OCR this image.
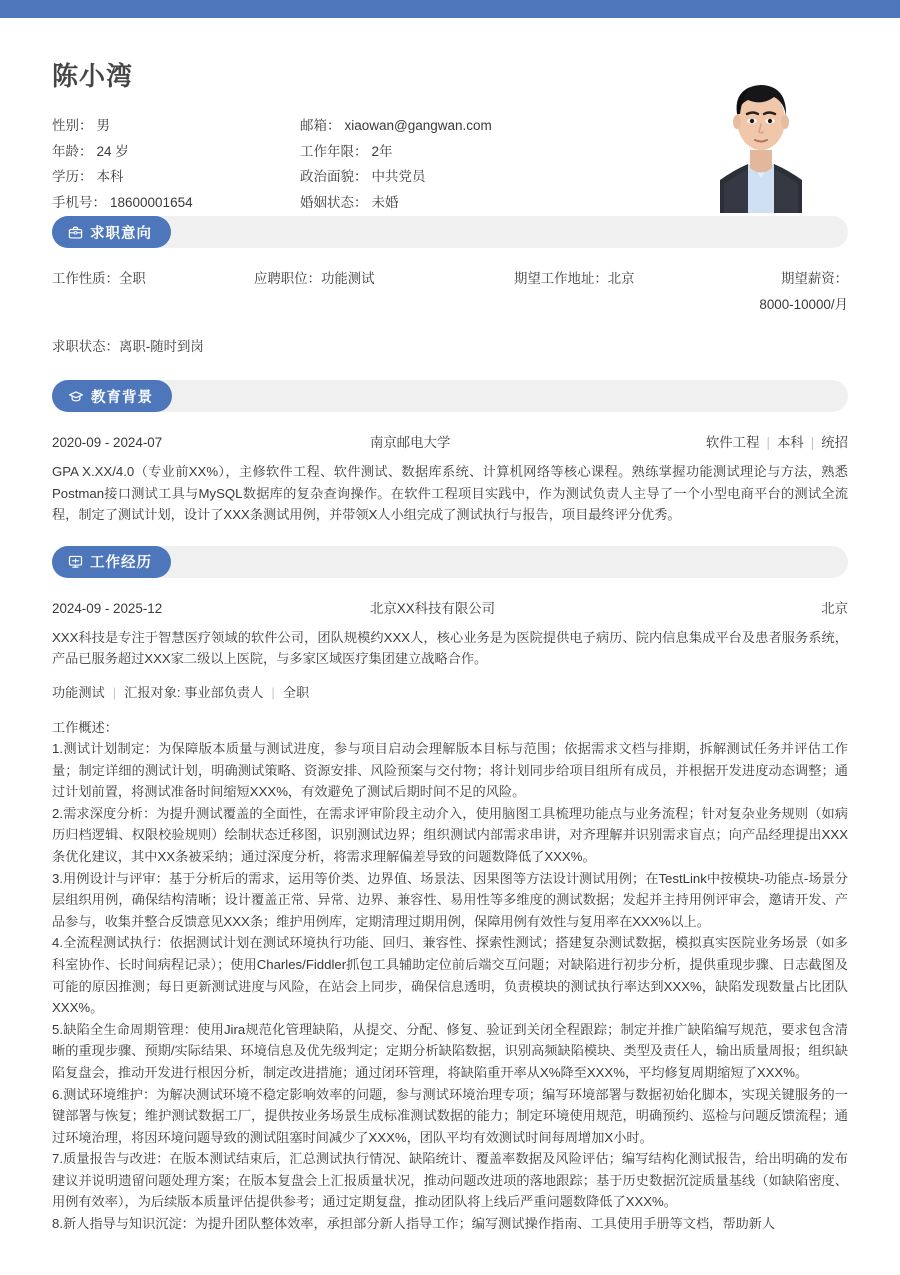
陈小湾
性别： 男	邮箱： xiaowan@gangwan.com
年龄： 24 岁	工作年限： 2年
学历： 本科	政治面貌： 中共党员
手机号： 18600001654	婚姻状态： 未婚
求职意向
工作性质：全职	应聘职位：功能测试	期望工作地址：北京	期望薪资：8000-10000/月
求职状态：离职-随时到岗
教育背景
2020-09 - 2024-07	南京邮电大学	软件工程 | 本科 | 统招
GPA X.XX/4.0（专业前XX%），主修软件工程、软件测试、数据库系统、计算机网络等核心课程。熟练掌握功能测试理论与方法，熟悉Postman接口测试工具与MySQL数据库的复杂查询操作。在软件工程项目实践中，作为测试负责人主导了一个小型电商平台的测试全流程，制定了测试计划，设计了XXX条测试用例，并带领X人小组完成了测试执行与报告，项目最终评分优秀。
工作经历
2024-09 - 2025-12	北京XX科技有限公司	北京
XXX科技是专注于智慧医疗领域的软件公司，团队规模约XXX人，核心业务是为医院提供电子病历、院内信息集成平台及患者服务系统，产品已服务超过XXX家二级以上医院，与多家区域医疗集团建立战略合作。
功能测试 | 汇报对象: 事业部负责人 | 全职
工作概述：
1.测试计划制定：为保障版本质量与测试进度，参与项目启动会理解版本目标与范围；依据需求文档与排期，拆解测试任务并评估工作量；制定详细的测试计划，明确测试策略、资源安排、风险预案与交付物；将计划同步给项目组所有成员，并根据开发进度动态调整；通过计划前置，将测试准备时间缩短XXX%，有效避免了测试后期时间不足的风险。
2.需求深度分析：为提升测试覆盖的全面性，在需求评审阶段主动介入，使用脑图工具梳理功能点与业务流程；针对复杂业务规则（如病历归档逻辑、权限校验规则）绘制状态迁移图，识别测试边界；组织测试内部需求串讲，对齐理解并识别需求盲点；向产品经理提出XXX条优化建议，其中XX条被采纳；通过深度分析，将需求理解偏差导致的问题数降低了XXX%。
3.用例设计与评审：基于分析后的需求，运用等价类、边界值、场景法、因果图等方法设计测试用例；在TestLink中按模块-功能点-场景分层组织用例，确保结构清晰；设计覆盖正常、异常、边界、兼容性、易用性等多维度的测试数据；发起并主持用例评审会，邀请开发、产品参与，收集并整合反馈意见XXX条；维护用例库，定期清理过期用例，保障用例有效性与复用率在XXX%以上。
4.全流程测试执行：依据测试计划在测试环境执行功能、回归、兼容性、探索性测试；搭建复杂测试数据，模拟真实医院业务场景（如多科室协作、长时间病程记录）；使用Charles/Fiddler抓包工具辅助定位前后端交互问题；对缺陷进行初步分析，提供重现步骤、日志截图及可能的原因推测；每日更新测试进度与风险，在站会上同步，确保信息透明，负责模块的测试执行率达到XXX%，缺陷发现数量占比团队XXX%。
5.缺陷全生命周期管理：使用Jira规范化管理缺陷，从提交、分配、修复、验证到关闭全程跟踪；制定并推广缺陷编写规范，要求包含清晰的重现步骤、预期/实际结果、环境信息及优先级判定；定期分析缺陷数据，识别高频缺陷模块、类型及责任人，输出质量周报；组织缺陷复盘会，推动开发进行根因分析，制定改进措施；通过闭环管理，将缺陷重开率从X%降至XXX%，平均修复周期缩短了XXX%。
6.测试环境维护：为解决测试环境不稳定影响效率的问题，参与测试环境治理专项；编写环境部署与数据初始化脚本，实现关键服务的一键部署与恢复；维护测试数据工厂，提供按业务场景生成标准测试数据的能力；制定环境使用规范，明确预约、巡检与问题反馈流程；通过环境治理，将因环境问题导致的测试阻塞时间减少了XXX%，团队平均有效测试时间每周增加X小时。
7.质量报告与改进：在版本测试结束后，汇总测试执行情况、缺陷统计、覆盖率数据及风险评估；编写结构化测试报告，给出明确的发布建议并说明遗留问题处理方案；在版本复盘会上汇报质量状况，推动问题改进项的落地跟踪；基于历史数据沉淀质量基线（如缺陷密度、用例有效率），为后续版本质量评估提供参考；通过定期复盘，推动团队将上线后严重问题数降低了XXX%。
8.新人指导与知识沉淀：为提升团队整体效率，承担部分新人指导工作；编写测试操作指南、工具使用手册等文档，帮助新人
